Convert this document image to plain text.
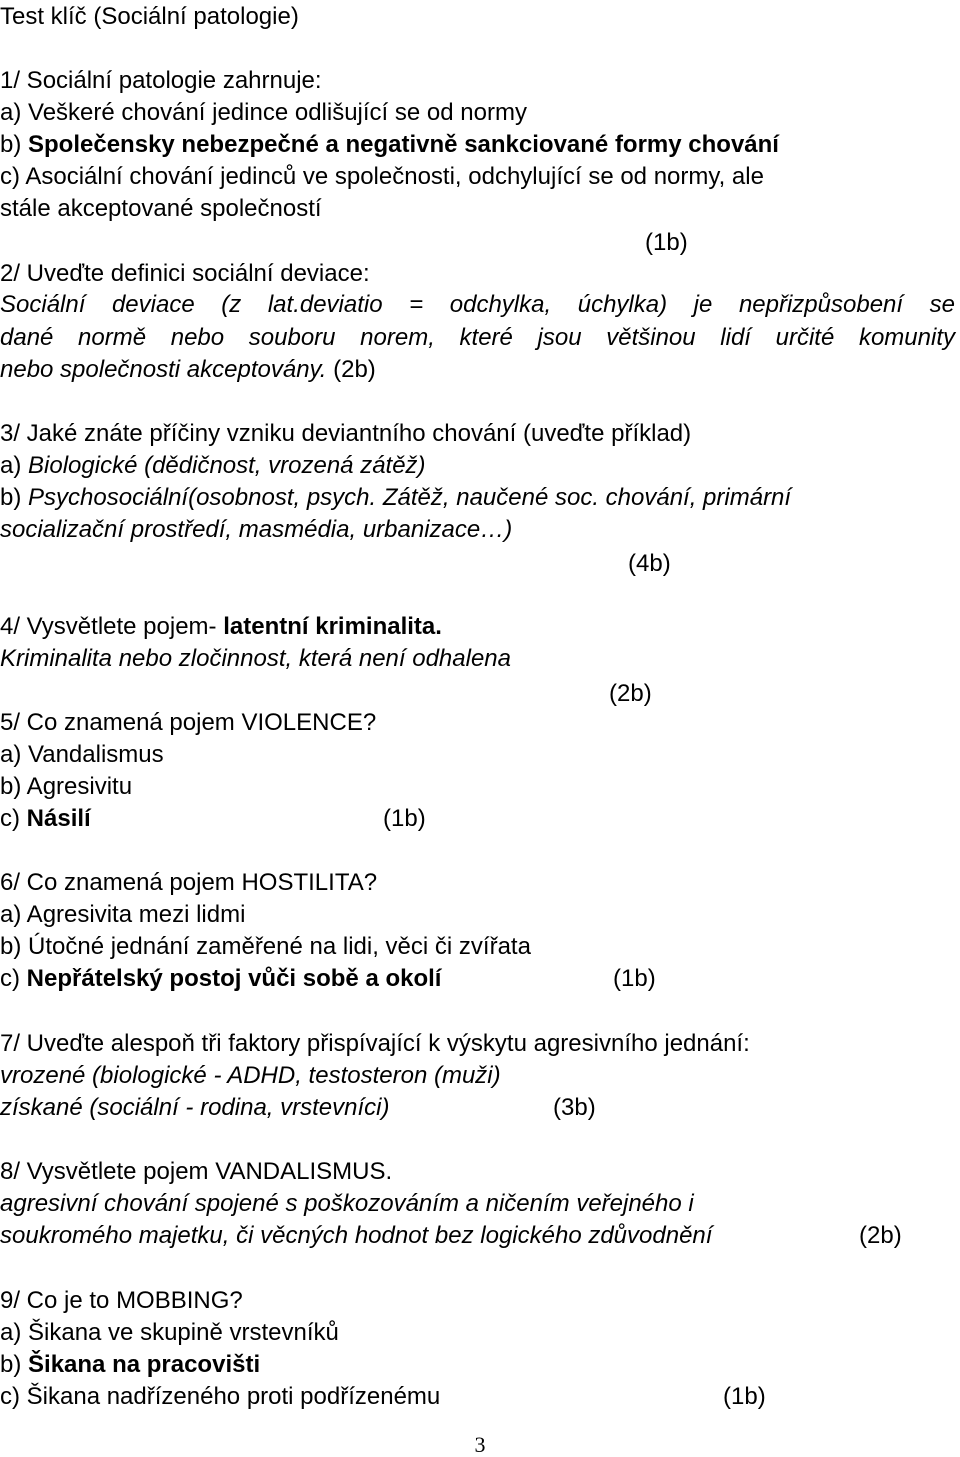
Test klíč (Sociální patologie)
1/ Sociální patologie zahrnuje:
a) Veškeré chování jedince odlišující se od normy
b) Společensky nebezpečné a negativně sankciované formy chování
c) Asociální chování jedinců ve společnosti, odchylující se od normy, ale
stále akceptované společností
(1b)
2/ Uveďte definici sociální deviace:
Sociální deviace (z lat.deviatio = odchylka, úchylka) je nepřizpůsobení se
dané normě nebo souboru norem, které jsou většinou lidí určité komunity
nebo společnosti akceptovány. (2b)
3/ Jaké znáte příčiny vzniku deviantního chování (uveďte příklad)
a) Biologické (dědičnost, vrozená zátěž)
b) Psychosociální(osobnost, psych. Zátěž, naučené soc. chování, primární
socializační prostředí, masmédia, urbanizace…)
(4b)
4/ Vysvětlete pojem- latentní kriminalita.
Kriminalita nebo zločinnost, která není odhalena
(2b)
5/ Co znamená pojem VIOLENCE?
a) Vandalismus
b) Agresivitu
c) Násilí	(1b)
6/ Co znamená pojem HOSTILITA?
a) Agresivita mezi lidmi
b) Útočné jednání zaměřené na lidi, věci či zvířata
c) Nepřátelský postoj vůči sobě a okolí	(1b)
7/ Uveďte alespoň tři faktory přispívající k výskytu agresivního jednání:
vrozené (biologické - ADHD, testosteron (muži)
získané (sociální - rodina, vrstevníci)	(3b)
8/ Vysvětlete pojem VANDALISMUS.
agresivní chování spojené s poškozováním a ničením veřejného i
soukromého majetku, či věcných hodnot bez logického zdůvodnění	(2b)
9/ Co je to MOBBING?
a) Šikana ve skupině vrstevníků
b) Šikana na pracovišti
c) Šikana nadřízeného proti podřízenému	(1b)
3
